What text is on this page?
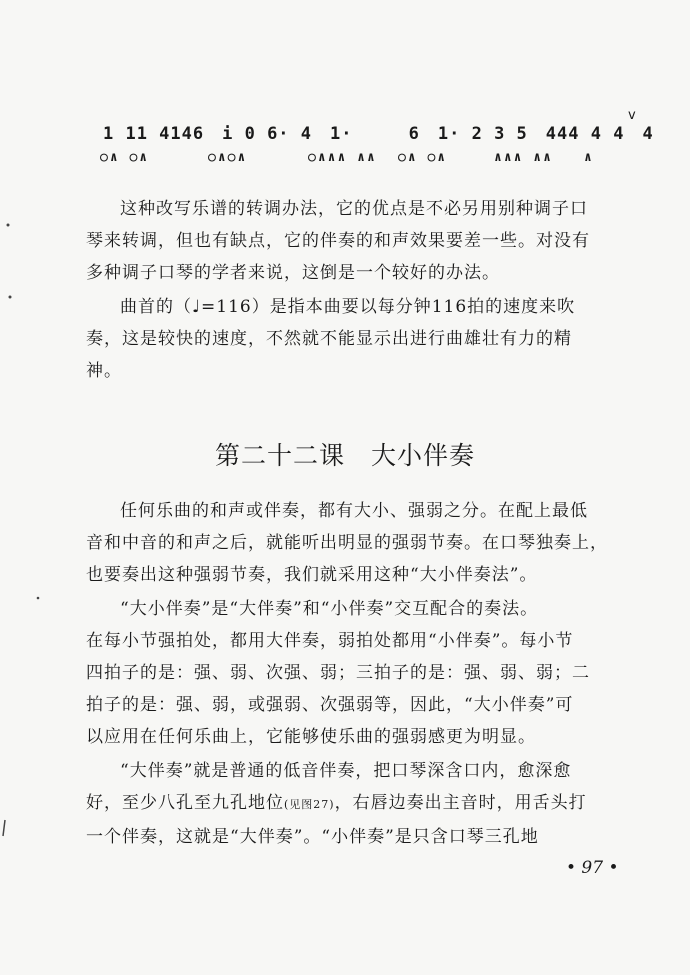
1 11 4146 i 0 6· 4 1·     6 1· 2 3 5 444 4 4 4
○∧ ○∧	○∧○∧	○∧∧∧ ∧∧	○∧ ○∧	∧∧∧ ∧∧	∧
v
这种改写乐谱的转调办法，它的优点是不必另用别种调子口
琴来转调，但也有缺点，它的伴奏的和声效果要差一些。对没有
多种调子口琴的学者来说，这倒是一个较好的办法。
曲首的（♩=116）是指本曲要以每分钟116拍的速度来吹
奏，这是较快的速度，不然就不能显示出进行曲雄壮有力的精
神。
第二十二课　大小伴奏
任何乐曲的和声或伴奏，都有大小、强弱之分。在配上最低
音和中音的和声之后，就能听出明显的强弱节奏。在口琴独奏上，
也要奏出这种强弱节奏，我们就采用这种“大小伴奏法”。
“大小伴奏”是“大伴奏”和“小伴奏”交互配合的奏法。
在每小节强拍处，都用大伴奏，弱拍处都用“小伴奏”。每小节
四拍子的是：强、弱、次强、弱；三拍子的是：强、弱、弱；二
拍子的是：强、弱，或强弱、次强弱等，因此，“大小伴奏”可
以应用在任何乐曲上，它能够使乐曲的强弱感更为明显。
“大伴奏”就是普通的低音伴奏，把口琴深含口内，愈深愈
好，至少八孔至九孔地位(见图27)，右唇边奏出主音时，用舌头打
一个伴奏，这就是“大伴奏”。“小伴奏”是只含口琴三孔地
• 97 •
